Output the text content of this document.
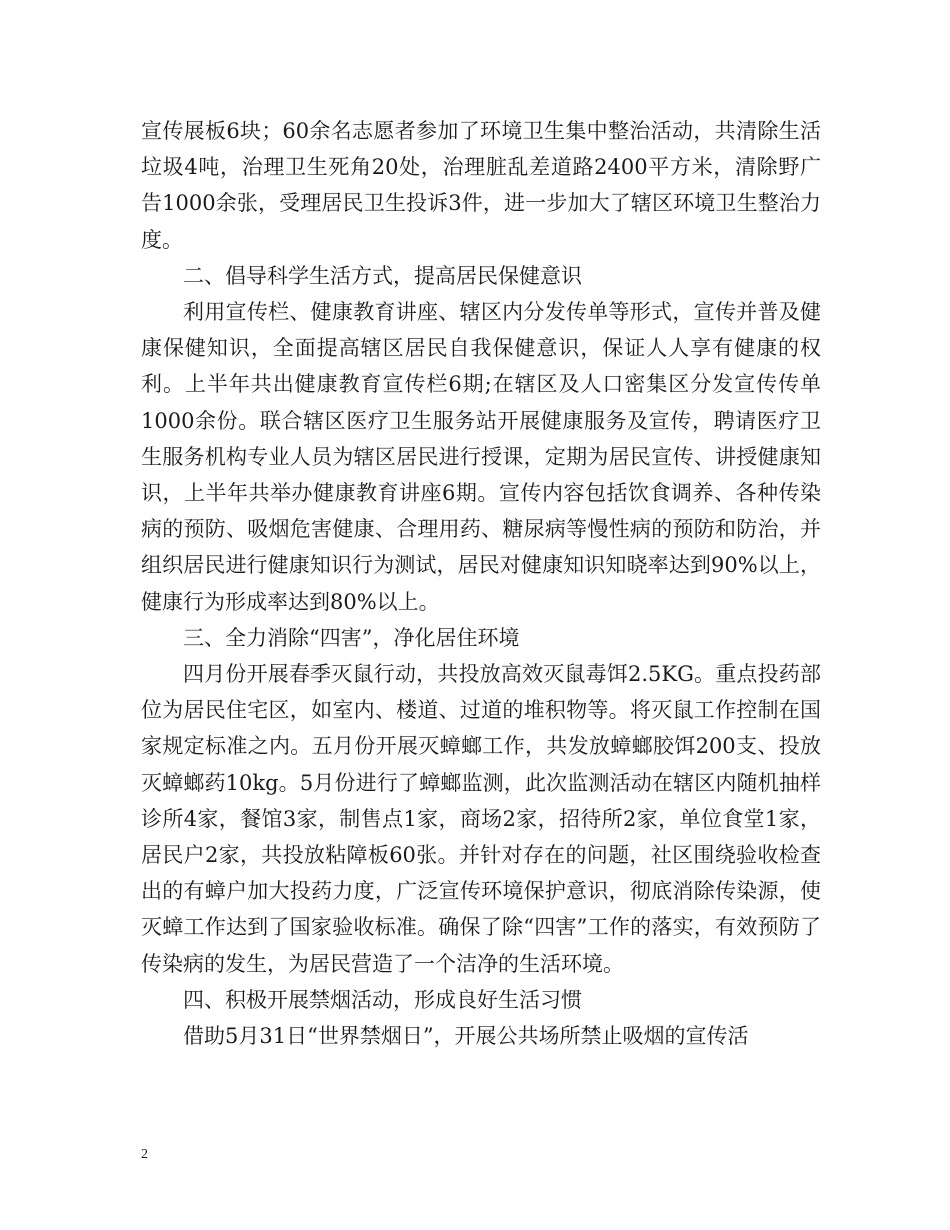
宣传展板6块；60余名志愿者参加了环境卫生集中整治活动，共清除生活垃圾4吨，治理卫生死角20处，治理脏乱差道路2400平方米，清除野广告1000余张，受理居民卫生投诉3件，进一步加大了辖区环境卫生整治力度。

二、倡导科学生活方式，提高居民保健意识

利用宣传栏、健康教育讲座、辖区内分发传单等形式，宣传并普及健康保健知识，全面提高辖区居民自我保健意识，保证人人享有健康的权利。上半年共出健康教育宣传栏6期;在辖区及人口密集区分发宣传传单1000余份。联合辖区医疗卫生服务站开展健康服务及宣传，聘请医疗卫生服务机构专业人员为辖区居民进行授课，定期为居民宣传、讲授健康知识，上半年共举办健康教育讲座6期。宣传内容包括饮食调养、各种传染病的预防、吸烟危害健康、合理用药、糖尿病等慢性病的预防和防治，并组织居民进行健康知识行为测试，居民对健康知识知晓率达到90%以上，健康行为形成率达到80%以上。

三、全力消除“四害”，净化居住环境

四月份开展春季灭鼠行动，共投放高效灭鼠毒饵2.5KG。重点投药部位为居民住宅区，如室内、楼道、过道的堆积物等。将灭鼠工作控制在国家规定标准之内。五月份开展灭蟑螂工作，共发放蟑螂胶饵200支、投放灭蟑螂药10kg。5月份进行了蟑螂监测，此次监测活动在辖区内随机抽样诊所4家，餐馆3家，制售点1家，商场2家，招待所2家，单位食堂1家，居民户2家，共投放粘障板60张。并针对存在的问题，社区围绕验收检查出的有蟑户加大投药力度，广泛宣传环境保护意识，彻底消除传染源，使灭蟑工作达到了国家验收标准。确保了除“四害”工作的落实，有效预防了传染病的发生，为居民营造了一个洁净的生活环境。

四、积极开展禁烟活动，形成良好生活习惯

借助5月31日“世界禁烟日”，开展公共场所禁止吸烟的宣传活

2
